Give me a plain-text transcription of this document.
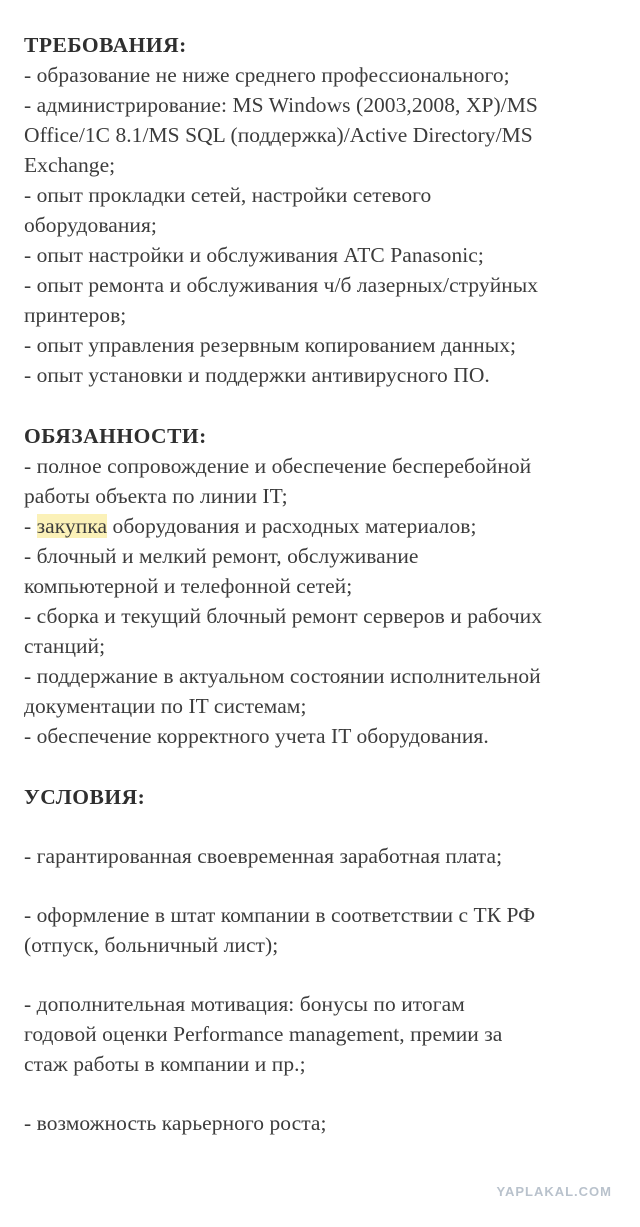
ТРЕБОВАНИЯ:
- образование не ниже среднего профессионального;
- администрирование: MS Windows (2003,2008, XP)/MS
Office/1C 8.1/MS SQL (поддержка)/Active Directory/MS
Exchange;
- опыт прокладки сетей, настройки сетевого
оборудования;
- опыт настройки и обслуживания АТС Panasonic;
- опыт ремонта и обслуживания ч/б лазерных/струйных
принтеров;
- опыт управления резервным копированием данных;
- опыт установки и поддержки антивирусного ПО.
ОБЯЗАННОСТИ:
- полное сопровождение и обеспечение бесперебойной
работы объекта по линии IT;
- закупка оборудования и расходных материалов;
- блочный и мелкий ремонт, обслуживание
компьютерной и телефонной сетей;
- сборка и текущий блочный ремонт серверов и рабочих
станций;
- поддержание в актуальном состоянии исполнительной
документации по IT системам;
- обеспечение корректного учета IT оборудования.
УСЛОВИЯ:
- гарантированная своевременная заработная плата;
- оформление в штат компании в соответствии с ТК РФ
(отпуск, больничный лист);
- дополнительная мотивация: бонусы по итогам
годовой оценки Performance management, премии за
стаж работы в компании и пр.;
- возможность карьерного роста;
YAPLAKAL.COM
